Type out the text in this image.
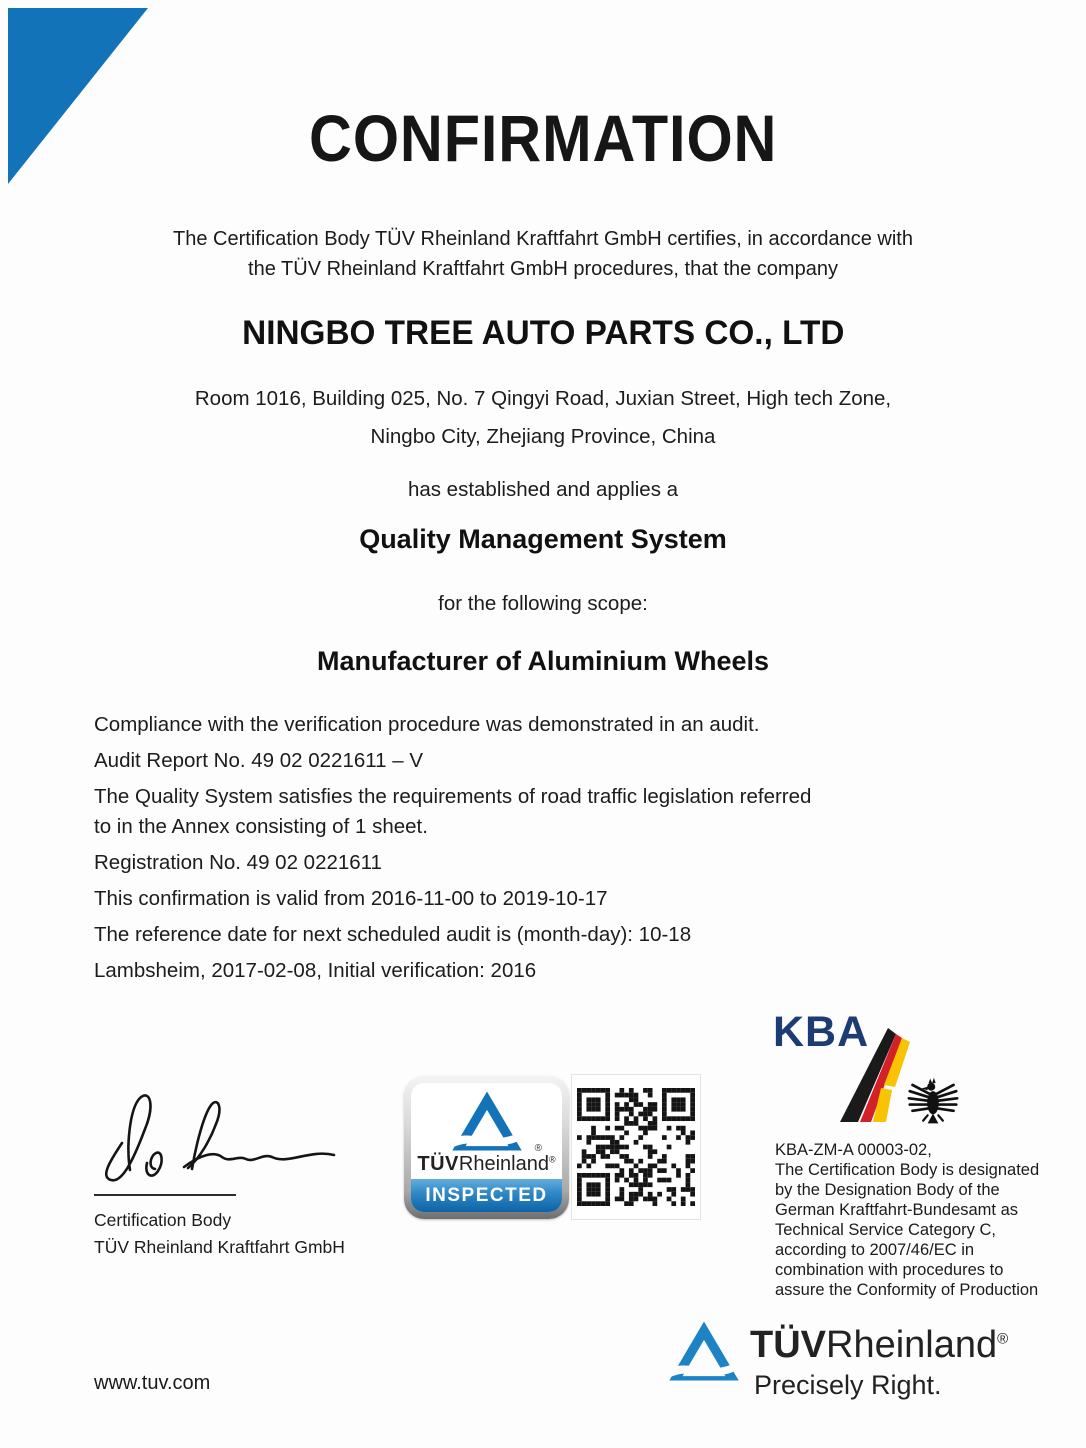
CONFIRMATION
The Certification Body TÜV Rheinland Kraftfahrt GmbH certifies, in accordance with
the TÜV Rheinland Kraftfahrt GmbH procedures, that the company
NINGBO TREE AUTO PARTS CO., LTD
Room 1016, Building 025, No. 7 Qingyi Road, Juxian Street, High tech Zone,
Ningbo City, Zhejiang Province, China
has established and applies a
Quality Management System
for the following scope:
Manufacturer of Aluminium Wheels
Compliance with the verification procedure was demonstrated in an audit.
Audit Report No. 49 02 0221611 – V
The Quality System satisfies the requirements of road traffic legislation referred
to in the Annex consisting of 1 sheet.
Registration No. 49 02 0221611
This confirmation is valid from 2016-11-00 to 2019-10-17
The reference date for next scheduled audit is (month-day): 10-18
Lambsheim, 2017-02-08, Initial verification: 2016
Certification Body
TÜV Rheinland Kraftfahrt GmbH
®
TÜVRheinland®
INSPECTED
KBA
KBA-ZM-A 00003-02,
The Certification Body is designated
by the Designation Body of the
German Kraftfahrt-Bundesamt as
Technical Service Category C,
according to 2007/46/EC in
combination with procedures to
assure the Conformity of Production
www.tuv.com
TÜVRheinland®
Precisely Right.
